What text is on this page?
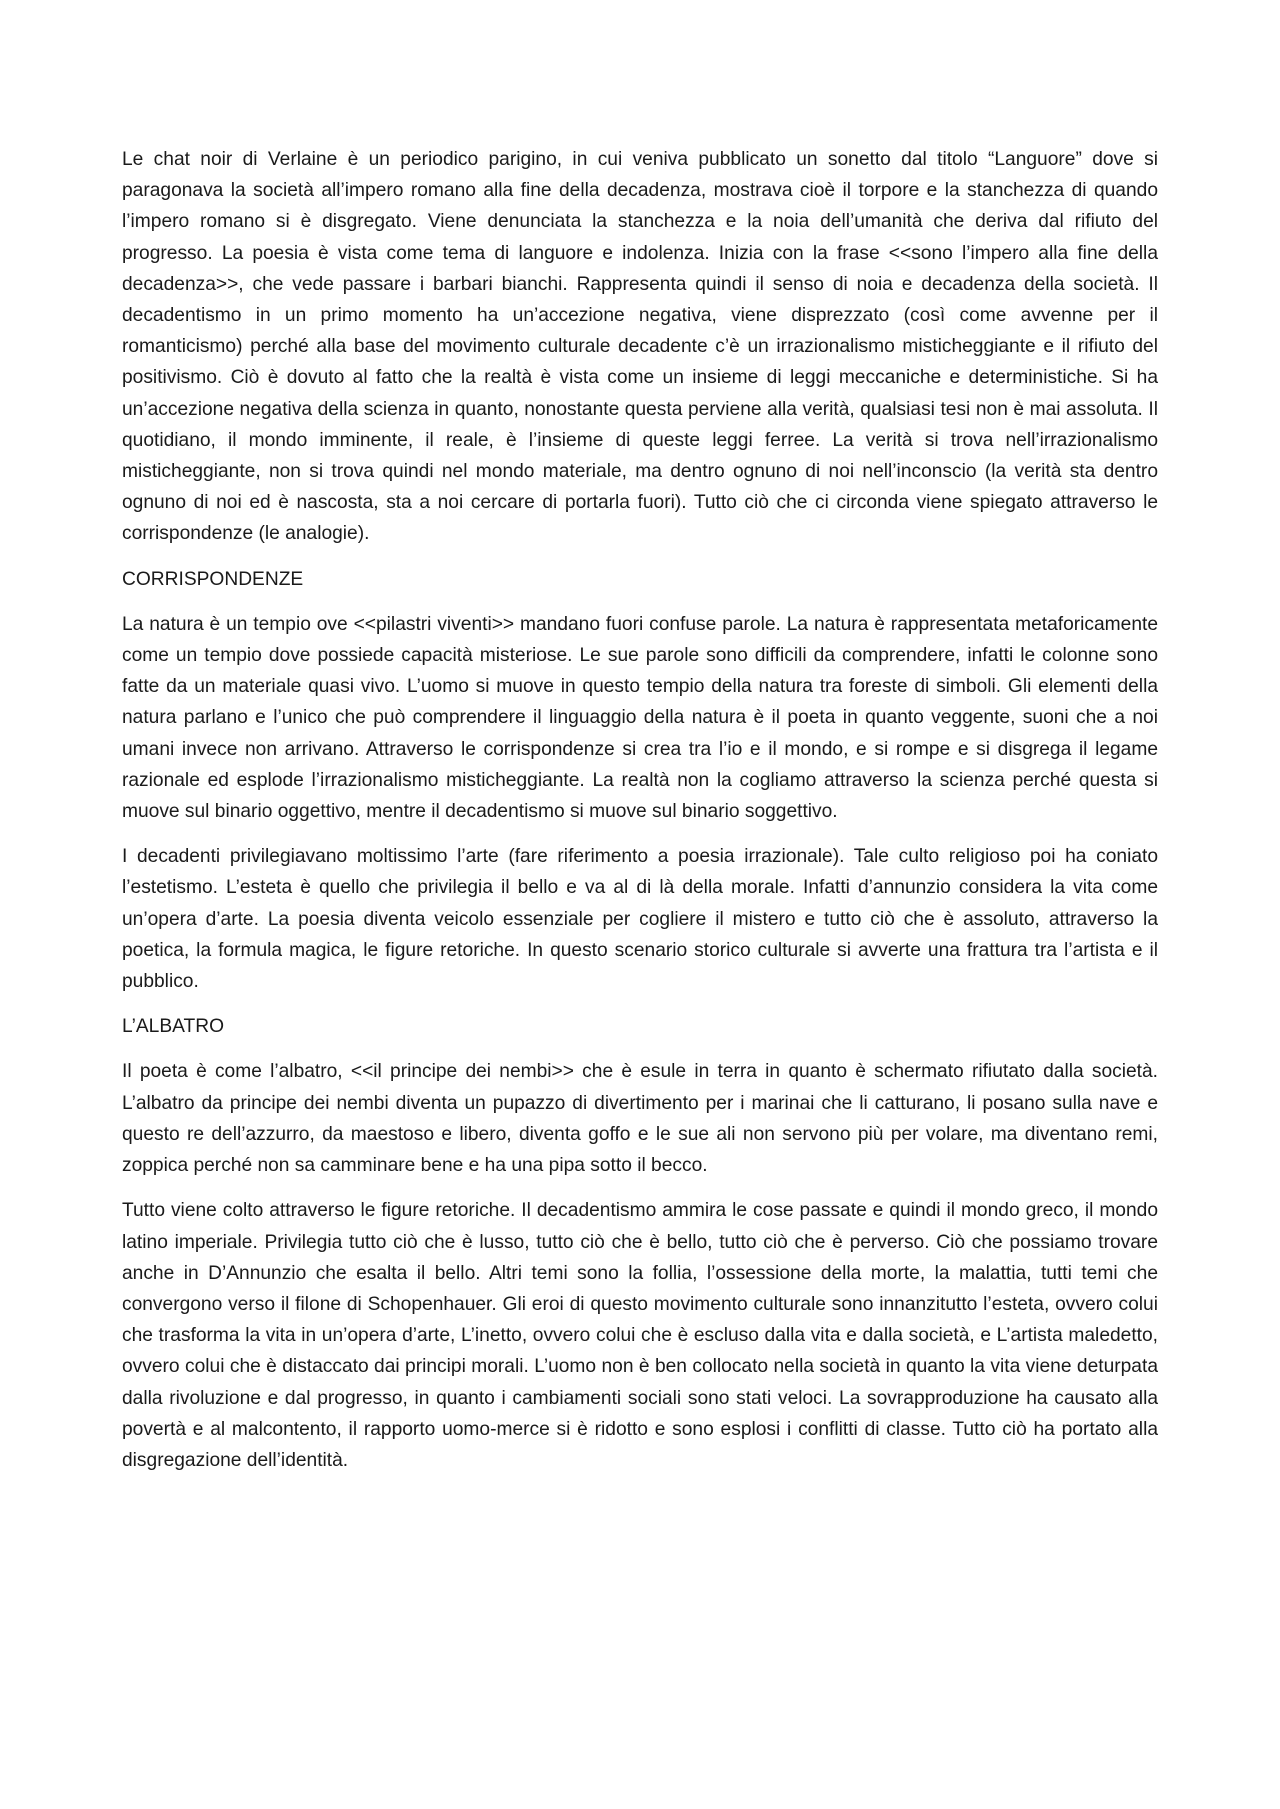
Le chat noir di Verlaine è un periodico parigino, in cui veniva pubblicato un sonetto dal titolo “Languore” dove si paragonava la società all’impero romano alla fine della decadenza, mostrava cioè il torpore e la stanchezza di quando l’impero romano si è disgregato. Viene denunciata la stanchezza e la noia dell’umanità che deriva dal rifiuto del progresso. La poesia è vista come tema di languore e indolenza. Inizia con la frase <<sono l’impero alla fine della decadenza>>, che vede passare i barbari bianchi. Rappresenta quindi il senso di noia e decadenza della società. Il decadentismo in un primo momento ha un’accezione negativa, viene disprezzato (così come avvenne per il romanticismo) perché alla base del movimento culturale decadente c’è un irrazionalismo misticheggiante e il rifiuto del positivismo. Ciò è dovuto al fatto che la realtà è vista come un insieme di leggi meccaniche e deterministiche. Si ha un’accezione negativa della scienza in quanto, nonostante questa perviene alla verità, qualsiasi tesi non è mai assoluta. Il quotidiano, il mondo imminente, il reale, è l’insieme di queste leggi ferree. La verità si trova nell’irrazionalismo misticheggiante, non si trova quindi nel mondo materiale, ma dentro ognuno di noi nell’inconscio (la verità sta dentro ognuno di noi ed è nascosta, sta a noi cercare di portarla fuori). Tutto ciò che ci circonda viene spiegato attraverso le corrispondenze (le analogie).

CORRISPONDENZE

La natura è un tempio ove <<pilastri viventi>> mandano fuori confuse parole. La natura è rappresentata metaforicamente come un tempio dove possiede capacità misteriose. Le sue parole sono difficili da comprendere, infatti le colonne sono fatte da un materiale quasi vivo. L’uomo si muove in questo tempio della natura tra foreste di simboli. Gli elementi della natura parlano e l’unico che può comprendere il linguaggio della natura è il poeta in quanto veggente, suoni che a noi umani invece non arrivano. Attraverso le corrispondenze si crea tra l’io e il mondo, e si rompe e si disgrega il legame razionale ed esplode l’irrazionalismo misticheggiante. La realtà non la cogliamo attraverso la scienza perché questa si muove sul binario oggettivo, mentre il decadentismo si muove sul binario soggettivo.

I decadenti privilegiavano moltissimo l’arte (fare riferimento a poesia irrazionale). Tale culto religioso poi ha coniato l’estetismo. L’esteta è quello che privilegia il bello e va al di là della morale. Infatti d’annunzio considera la vita come un’opera d’arte. La poesia diventa veicolo essenziale per cogliere il mistero e tutto ciò che è assoluto, attraverso la poetica, la formula magica, le figure retoriche. In questo scenario storico culturale si avverte una frattura tra l’artista e il pubblico.

L’ALBATRO

Il poeta è come l’albatro, <<il principe dei nembi>> che è esule in terra in quanto è schermato rifiutato dalla società. L’albatro da principe dei nembi diventa un pupazzo di divertimento per i marinai che li catturano, li posano sulla nave e questo re dell’azzurro, da maestoso e libero, diventa goffo e le sue ali non servono più per volare, ma diventano remi, zoppica perché non sa camminare bene e ha una pipa sotto il becco.

Tutto viene colto attraverso le figure retoriche. Il decadentismo ammira le cose passate e quindi il mondo greco, il mondo latino imperiale. Privilegia tutto ciò che è lusso, tutto ciò che è bello, tutto ciò che è perverso. Ciò che possiamo trovare anche in D’Annunzio che esalta il bello. Altri temi sono la follia, l’ossessione della morte, la malattia, tutti temi che convergono verso il filone di Schopenhauer. Gli eroi di questo movimento culturale sono innanzitutto l’esteta, ovvero colui che trasforma la vita in un’opera d’arte, L’inetto, ovvero colui che è escluso dalla vita e dalla società, e L’artista maledetto, ovvero colui che è distaccato dai principi morali. L’uomo non è ben collocato nella società in quanto la vita viene deturpata dalla rivoluzione e dal progresso, in quanto i cambiamenti sociali sono stati veloci. La sovrapproduzione ha causato alla povertà e al malcontento, il rapporto uomo-merce si è ridotto e sono esplosi i conflitti di classe. Tutto ciò ha portato alla disgregazione dell’identità.
